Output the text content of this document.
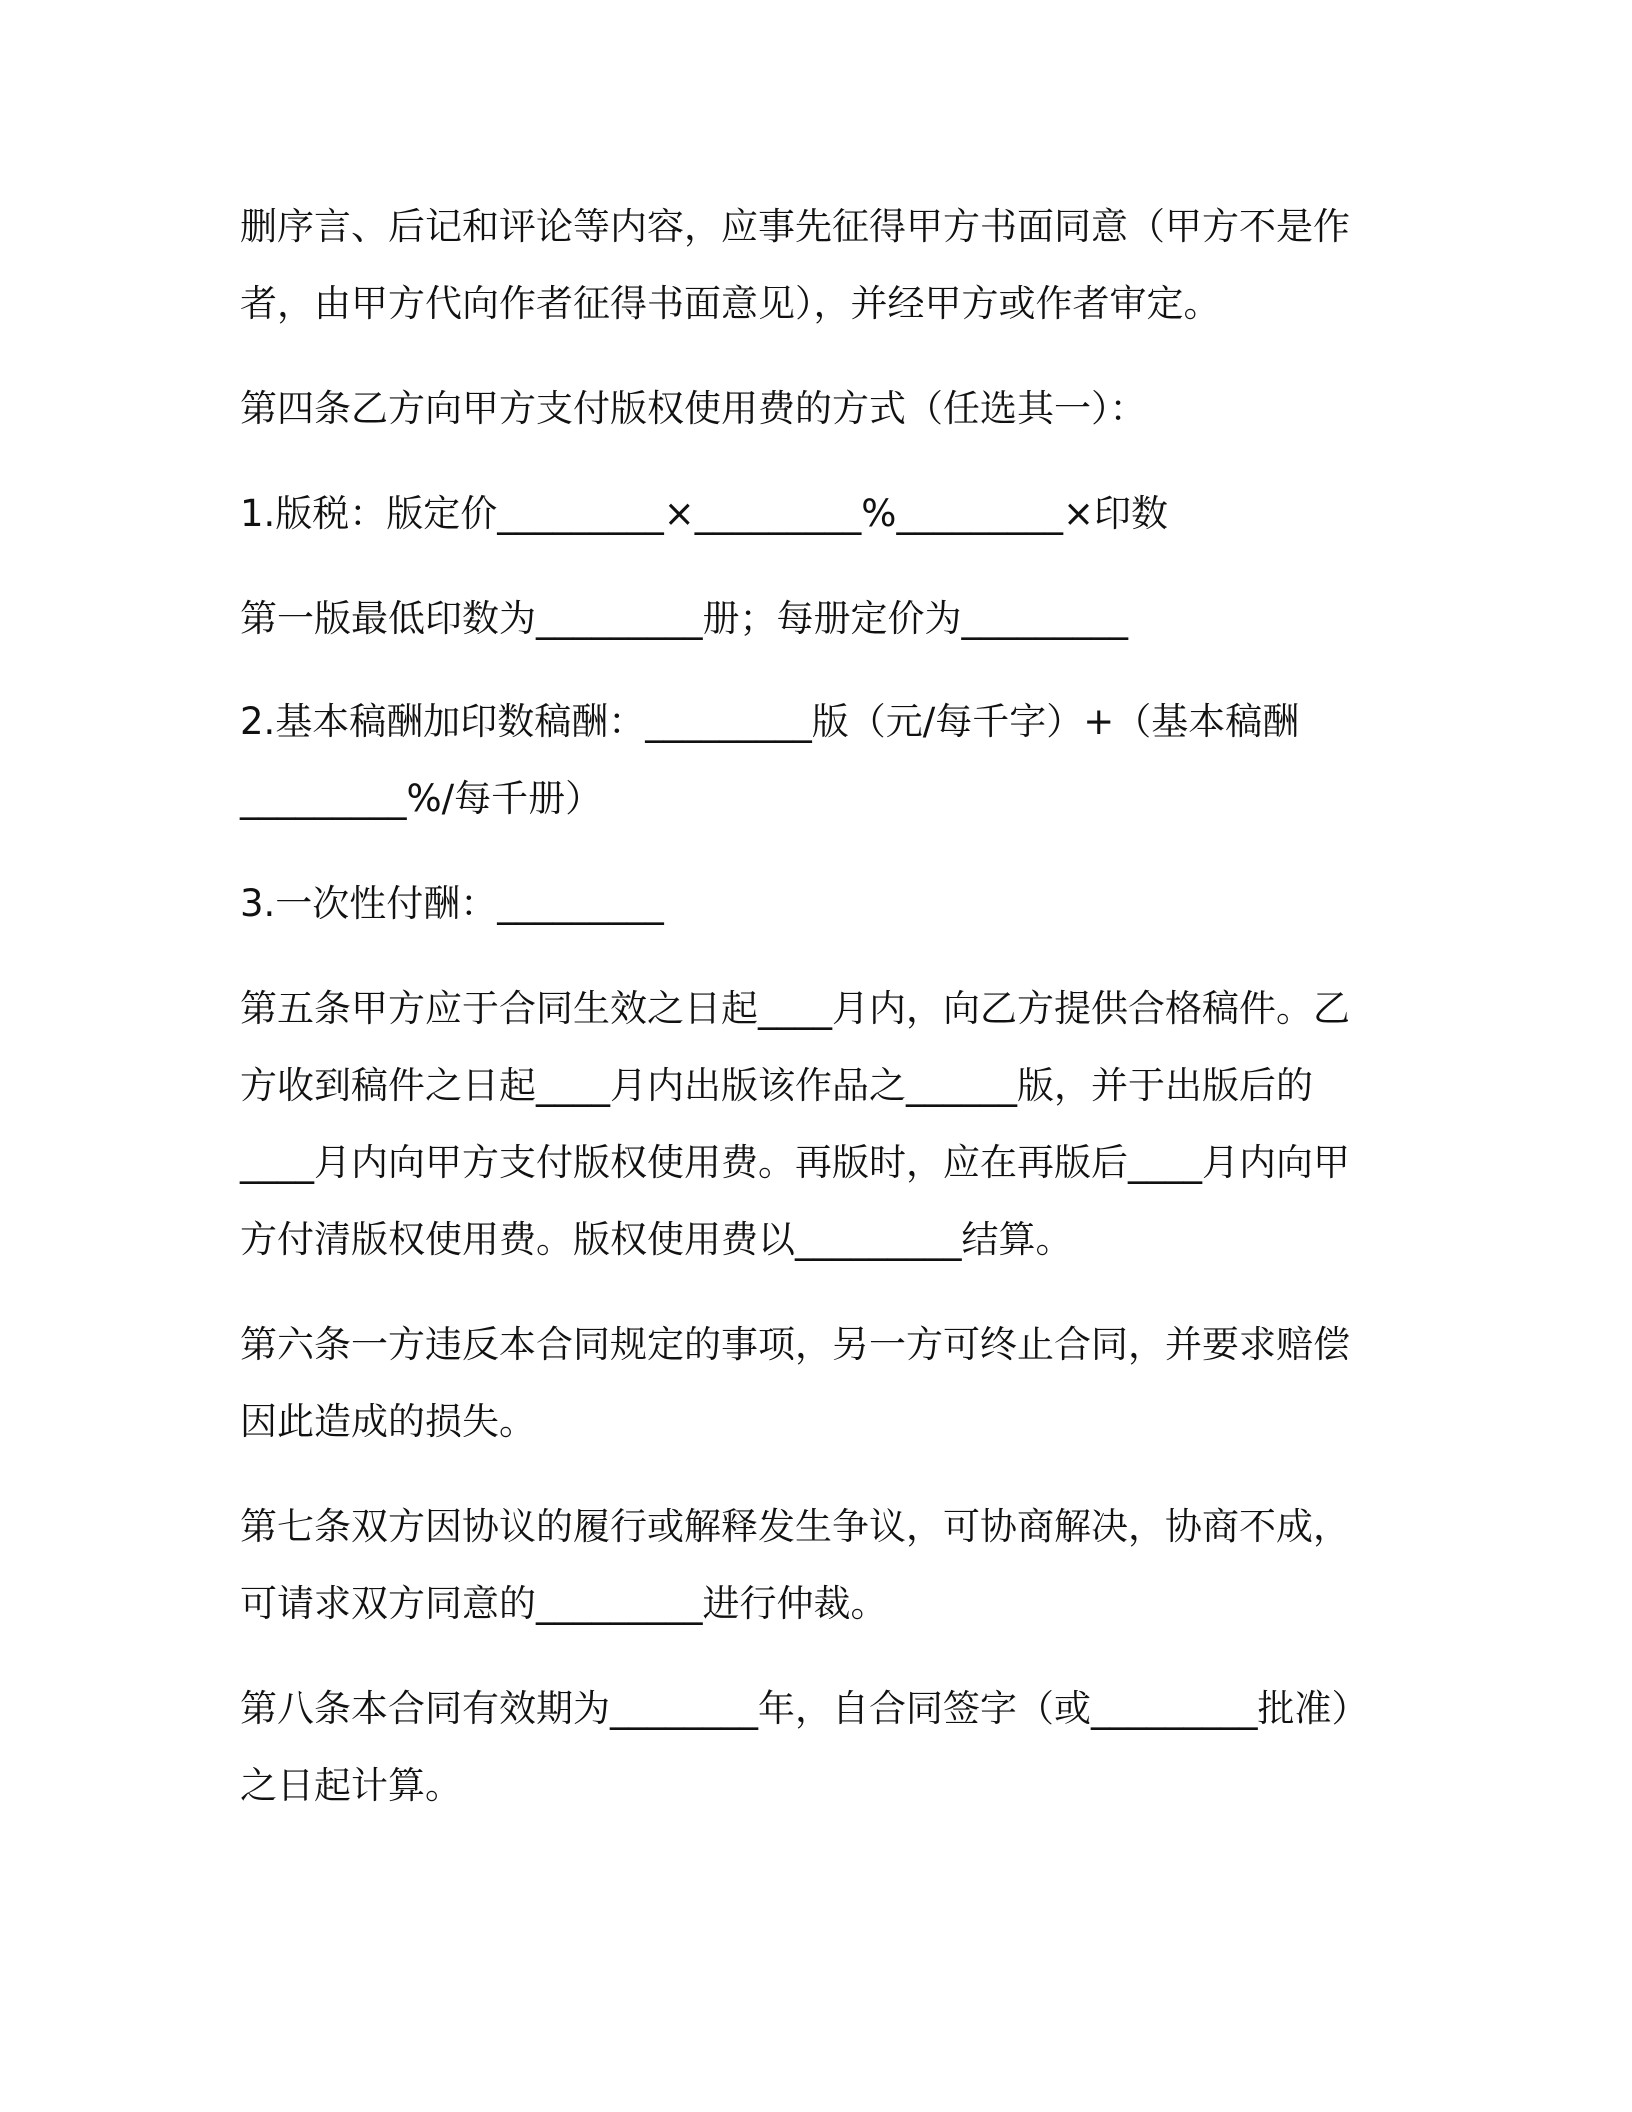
删序言、后记和评论等内容，应事先征得甲方书面同意（甲方不是作
者，由甲方代向作者征得书面意见），并经甲方或作者审定。
第四条乙方向甲方支付版权使用费的方式（任选其一）：
1.版税：版定价_________×_________%_________×印数
第一版最低印数为_________册；每册定价为_________
2.基本稿酬加印数稿酬：_________版（元/每千字）+（基本稿酬
_________%/每千册）
3.一次性付酬：_________
第五条甲方应于合同生效之日起____月内，向乙方提供合格稿件。乙
方收到稿件之日起____月内出版该作品之______版，并于出版后的
____月内向甲方支付版权使用费。再版时，应在再版后____月内向甲
方付清版权使用费。版权使用费以_________结算。
第六条一方违反本合同规定的事项，另一方可终止合同，并要求赔偿
因此造成的损失。
第七条双方因协议的履行或解释发生争议，可协商解决，协商不成，
可请求双方同意的_________进行仲裁。
第八条本合同有效期为________年，自合同签字（或_________批准）
之日起计算。
